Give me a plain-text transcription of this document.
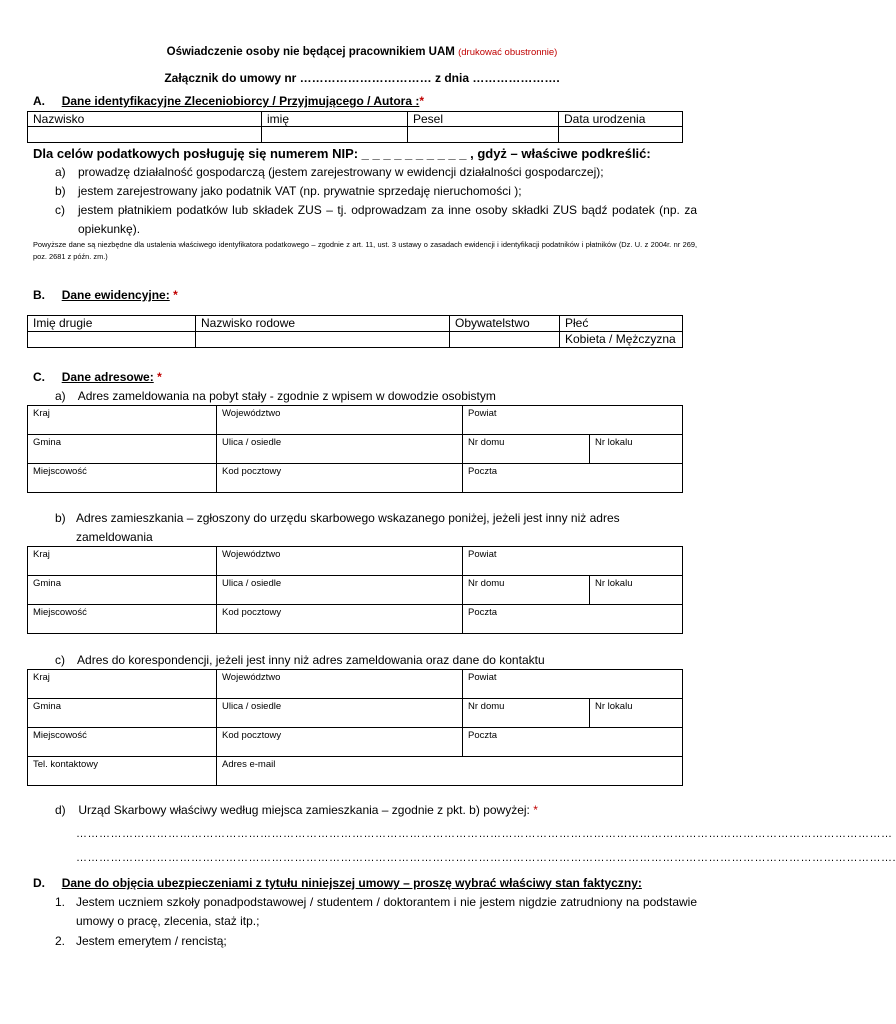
Oświadczenie osoby nie będącej pracownikiem UAM (drukować obustronnie)
Załącznik do umowy nr …………………………… z dnia ………………….
A. Dane identyfikacyjne Zleceniobiorcy / Przyjmującego / Autora :*
Nazwisko	imię	Pesel	Data urodzenia

Dla celów podatkowych posługuję się numerem NIP: _ _ _ _ _ _ _ _ _ _ , gdyż – właściwe podkreślić:
a) prowadzę działalność gospodarczą (jestem zarejestrowany w ewidencji działalności gospodarczej);
b) jestem zarejestrowany jako podatnik VAT (np. prywatnie sprzedaję nieruchomości );
c) jestem płatnikiem podatków lub składek ZUS – tj. odprowadzam za inne osoby składki ZUS bądź podatek (np. za opiekunkę).
Powyższe dane są niezbędne dla ustalenia właściwego identyfikatora podatkowego – zgodnie z art. 11, ust. 3 ustawy o zasadach ewidencji i identyfikacji podatników i płatników (Dz. U. z 2004r. nr 269, poz. 2681 z późn. zm.)
B. Dane ewidencyjne: *
Imię drugie	Nazwisko rodowe	Obywatelstwo	Płeć
			Kobieta / Mężczyzna
C. Dane adresowe: *
a) Adres zameldowania na pobyt stały - zgodnie z wpisem w dowodzie osobistym
Kraj	Województwo	Powiat	
Gmina	Ulica / osiedle	Nr domu	Nr lokalu
Miejscowość	Kod pocztowy	Poczta	
b) Adres zamieszkania – zgłoszony do urzędu skarbowego wskazanego poniżej, jeżeli jest inny niż adres zameldowania
Kraj	Województwo	Powiat	
Gmina	Ulica / osiedle	Nr domu	Nr lokalu
Miejscowość	Kod pocztowy	Poczta	
c) Adres do korespondencji, jeżeli jest inny niż adres zameldowania oraz dane do kontaktu
Kraj	Województwo	Powiat	
Gmina	Ulica / osiedle	Nr domu	Nr lokalu
Miejscowość	Kod pocztowy	Poczta	
Tel. kontaktowy	Adres e-mail		
d) Urząd Skarbowy właściwy według miejsca zamieszkania – zgodnie z pkt. b) powyżej: *
……………………………………………………………………………………………………………………………………………………………………………………………
…………………………………………………………………………………………………………………………………………………………………………………………….
D. Dane do objęcia ubezpieczeniami z tytułu niniejszej umowy – proszę wybrać właściwy stan faktyczny:
1. Jestem uczniem szkoły ponadpodstawowej / studentem / doktorantem i nie jestem nigdzie zatrudniony na podstawie umowy o pracę, zlecenia, staż itp.;
2. Jestem emerytem / rencistą;
